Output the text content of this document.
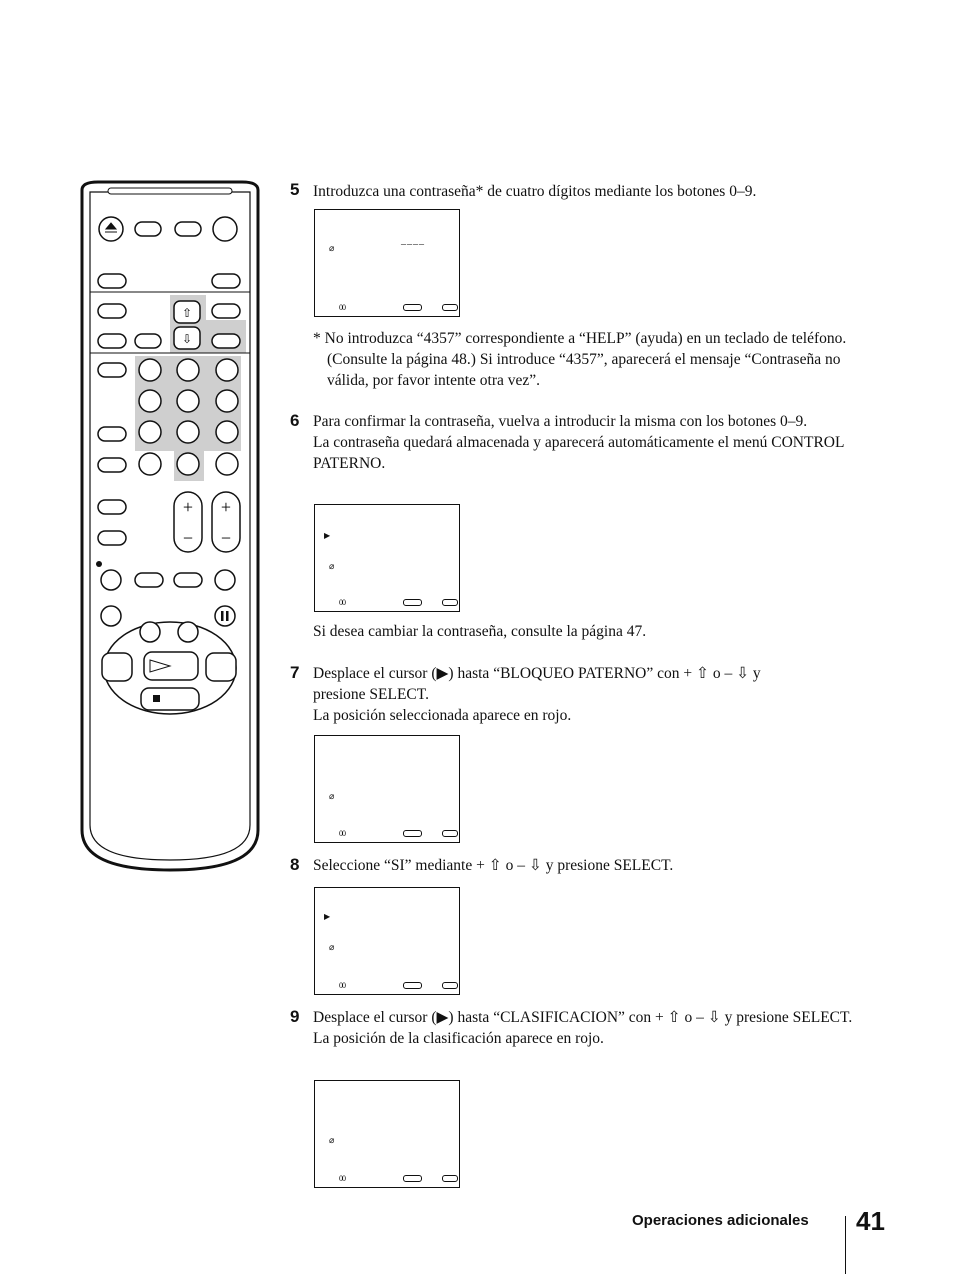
⇧
⇩
+ +
− −
5 Introduzca una contraseña* de cuatro dígitos mediante los botones 0–9.

____
⌀
00

* No introduzca “4357” correspondiente a “HELP” (ayuda) en un teclado de teléfono. (Consulte la página 48.) Si introduce “4357”, aparecerá el mensaje “Contraseña no válida, por favor intente otra vez”.

6 Para confirmar la contraseña, vuelva a introducir la misma con los botones 0–9.

La contraseña quedará almacenada y aparecerá automáticamente el menú CONTROL PATERNO.

▶
⌀
00
Si desea cambiar la contraseña, consulte la página 47.
7 Desplace el cursor (▶) hasta “BLOQUEO PATERNO” con + ⇧ o – ⇩ y presione SELECT.

La posición seleccionada aparece en rojo.

⌀
00
8 Seleccione “SI” mediante + ⇧ o – ⇩ y presione SELECT.

▶
⌀
00
9 Desplace el cursor (▶) hasta “CLASIFICACION” con + ⇧ o – ⇩ y presione SELECT.

La posición de la clasificación aparece en rojo.

⌀
00
Operaciones adicionales 41
